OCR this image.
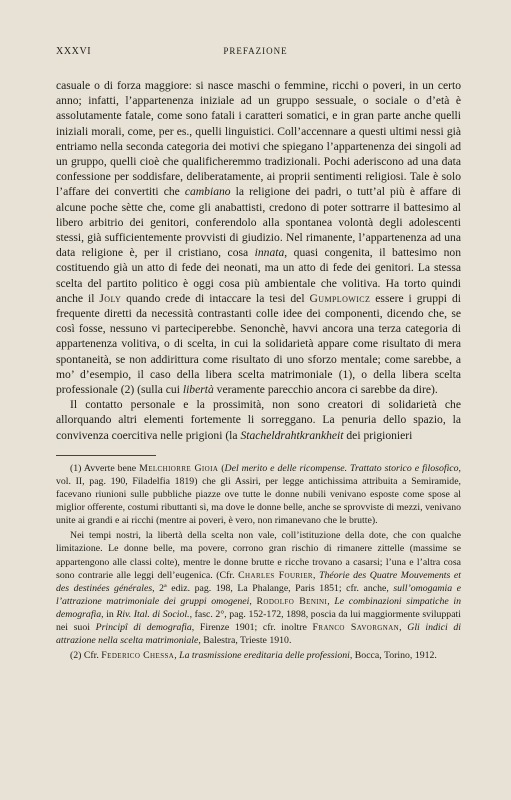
XXXVI	PREFAZIONE

casuale o di forza maggiore: si nasce maschi o femmine, ricchi o poveri, in un certo anno; infatti, l’appartenenza iniziale ad un gruppo sessuale, o sociale o d’età è assolutamente fatale, come sono fatali i caratteri somatici, e in gran parte anche quelli iniziali morali, come, per es., quelli linguistici. Coll’accennare a questi ultimi nessi già entriamo nella seconda categoria dei motivi che spiegano l’appartenenza dei singoli ad un gruppo, quelli cioè che qualificheremmo tradizionali. Pochi aderiscono ad una data confessione per soddisfare, deliberatamente, ai proprii sentimenti religiosi. Tale è solo l’affare dei convertiti che cambiano la religione dei padri, o tutt’al più è affare di alcune poche sètte che, come gli anabattisti, credono di poter sottrarre il battesimo al libero arbitrio dei genitori, conferendolo alla spontanea volontà degli adolescenti stessi, già sufficientemente provvisti di giudizio. Nel rimanente, l’appartenenza ad una data religione è, per il cristiano, cosa innata, quasi congenita, il battesimo non costituendo già un atto di fede dei neonati, ma un atto di fede dei genitori. La stessa scelta del partito politico è oggi cosa più ambientale che volitiva. Ha torto quindi anche il Joly quando crede di intaccare la tesi del Gumplowicz essere i gruppi di frequente diretti da necessità contrastanti colle idee dei componenti, dicendo che, se così fosse, nessuno vi parteciperebbe. Senonchè, havvi ancora una terza categoria di appartenenza volitiva, o di scelta, in cui la solidarietà appare come risultato di mera spontaneità, se non addirittura come risultato di uno sforzo mentale; come sarebbe, a mo’ d’esempio, il caso della libera scelta matrimoniale (1), o della libera scelta professionale (2) (sulla cui libertà veramente parecchio ancora ci sarebbe da dire).

Il contatto personale e la prossimità, non sono creatori di solidarietà che allorquando altri elementi fortemente li sorreggano. La penuria dello spazio, la convivenza coercitiva nelle prigioni (la Stacheldrahtkrankheit dei prigionieri

(1) Avverte bene Melchiorre Gioia (Del merito e delle ricompense. Trattato storico e filosofico, vol. II, pag. 190, Filadelfia 1819) che gli Assiri, per legge antichissima attribuita a Semiramide, facevano riunioni sulle pubbliche piazze ove tutte le donne nubili venivano esposte come spose al miglior offerente, costumi ributtanti sì, ma dove le donne belle, anche se sprovviste di mezzi, venivano unite ai grandi e ai ricchi (mentre ai poveri, è vero, non rimanevano che le brutte).

Nei tempi nostri, la libertà della scelta non vale, coll’istituzione della dote, che con qualche limitazione. Le donne belle, ma povere, corrono gran rischio di rimanere zittelle (massime se appartengono alle classi colte), mentre le donne brutte e ricche trovano a casarsi; l’una e l’altra cosa sono contrarie alle leggi dell’eugenica. (Cfr. Charles Fourier, Théorie des Quatre Mouvements et des destinées générales, 2ª ediz. pag. 198, La Phalange, Paris 1851; cfr. anche, sull’omogamia e l’attrazione matrimoniale dei gruppi omogenei, Rodolfo Benini, Le combinazioni simpatiche in demografia, in Riv. Ital. di Sociol., fasc. 2°, pag. 152-172, 1898, poscia da lui maggiormente sviluppati nei suoi Principî di demografia, Firenze 1901; cfr. inoltre Franco Savorgnan, Gli indici di attrazione nella scelta matrimoniale, Balestra, Trieste 1910.

(2) Cfr. Federico Chessa, La trasmissione ereditaria delle professioni, Bocca, Torino, 1912.
